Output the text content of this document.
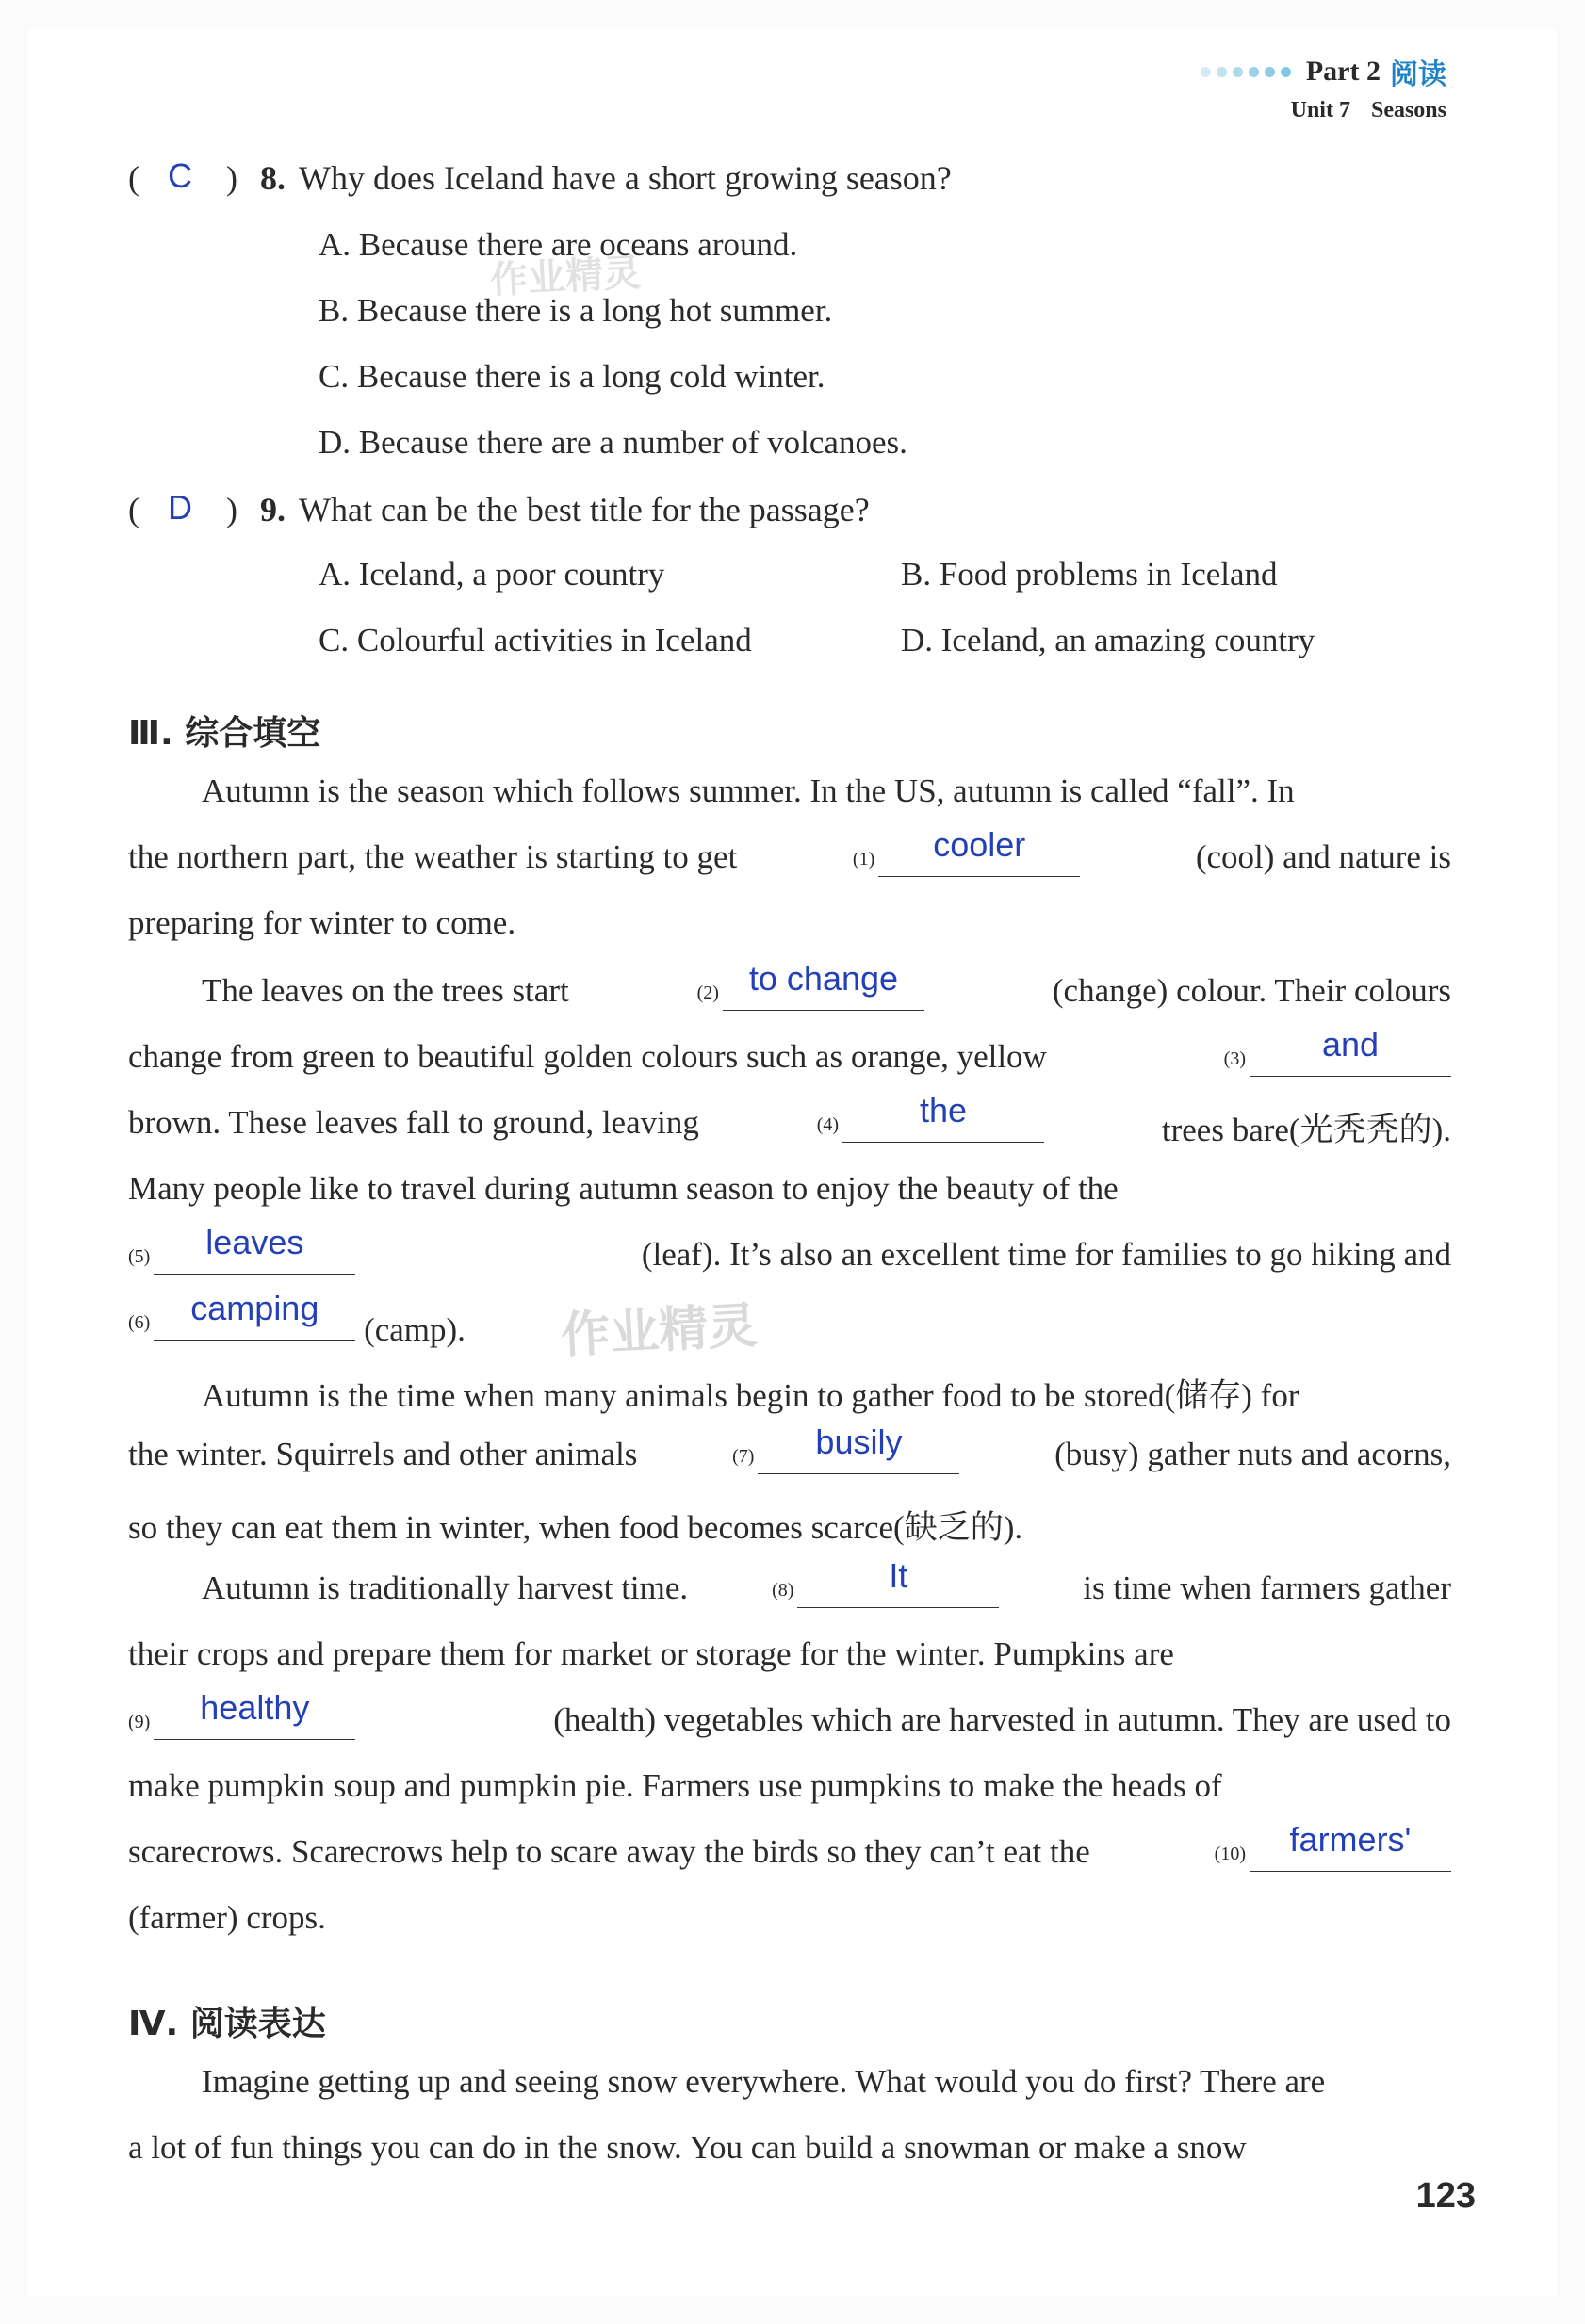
Part 2 阅读
Unit 7 Seasons
( C ) 8. Why does Iceland have a short growing season?
A. Because there are oceans around.
B. Because there is a long hot summer.
C. Because there is a long cold winter.
D. Because there are a number of volcanoes.
( D ) 9. What can be the best title for the passage?
A. Iceland, a poor country	B. Food problems in Iceland
C. Colourful activities in Iceland	D. Iceland, an amazing country
Ⅲ. 综合填空
作业精灵
作业精灵
Autumn is the season which follows summer. In the US, autumn is called “fall”. In
the northern part, the weather is starting to get	$^{(1)}$	cooler	(cool) and nature is
preparing for winter to come.
The leaves on the trees start	$^{(2)}$ to change	(change) colour. Their colours
change from green to beautiful golden colours such as orange, yellow	$^{(3)}$	and
brown. These leaves fall to ground, leaving	$^{(4)}$	the
trees bare(光秃秃的).
Many people like to travel during autumn season to enjoy the beauty of the
$^{(5)}$	leaves	(leaf). It’s also an excellent time for families to go hiking and
$^{(6)}$	camping
(camp).
Autumn is the time when many animals begin to gather food to be stored(储存) for
the winter. Squirrels and other animals	$^{(7)}$	busily	(busy) gather nuts and acorns,
so they can eat them in winter, when food becomes scarce(缺乏的).
Autumn is traditionally harvest time.	$^{(8)}$	It	is time when farmers gather
their crops and prepare them for market or storage for the winter. Pumpkins are
$^{(9)}$	healthy	(health) vegetables which are harvested in autumn. They are used to
make pumpkin soup and pumpkin pie. Farmers use pumpkins to make the heads of
scarecrows. Scarecrows help to scare away the birds so they can’t eat the	$^{(10)}$	farmers'
(farmer) crops.
Ⅳ. 阅读表达
Imagine getting up and seeing snow everywhere. What would you do first? There are
a lot of fun things you can do in the snow. You can build a snowman or make a snow
123
